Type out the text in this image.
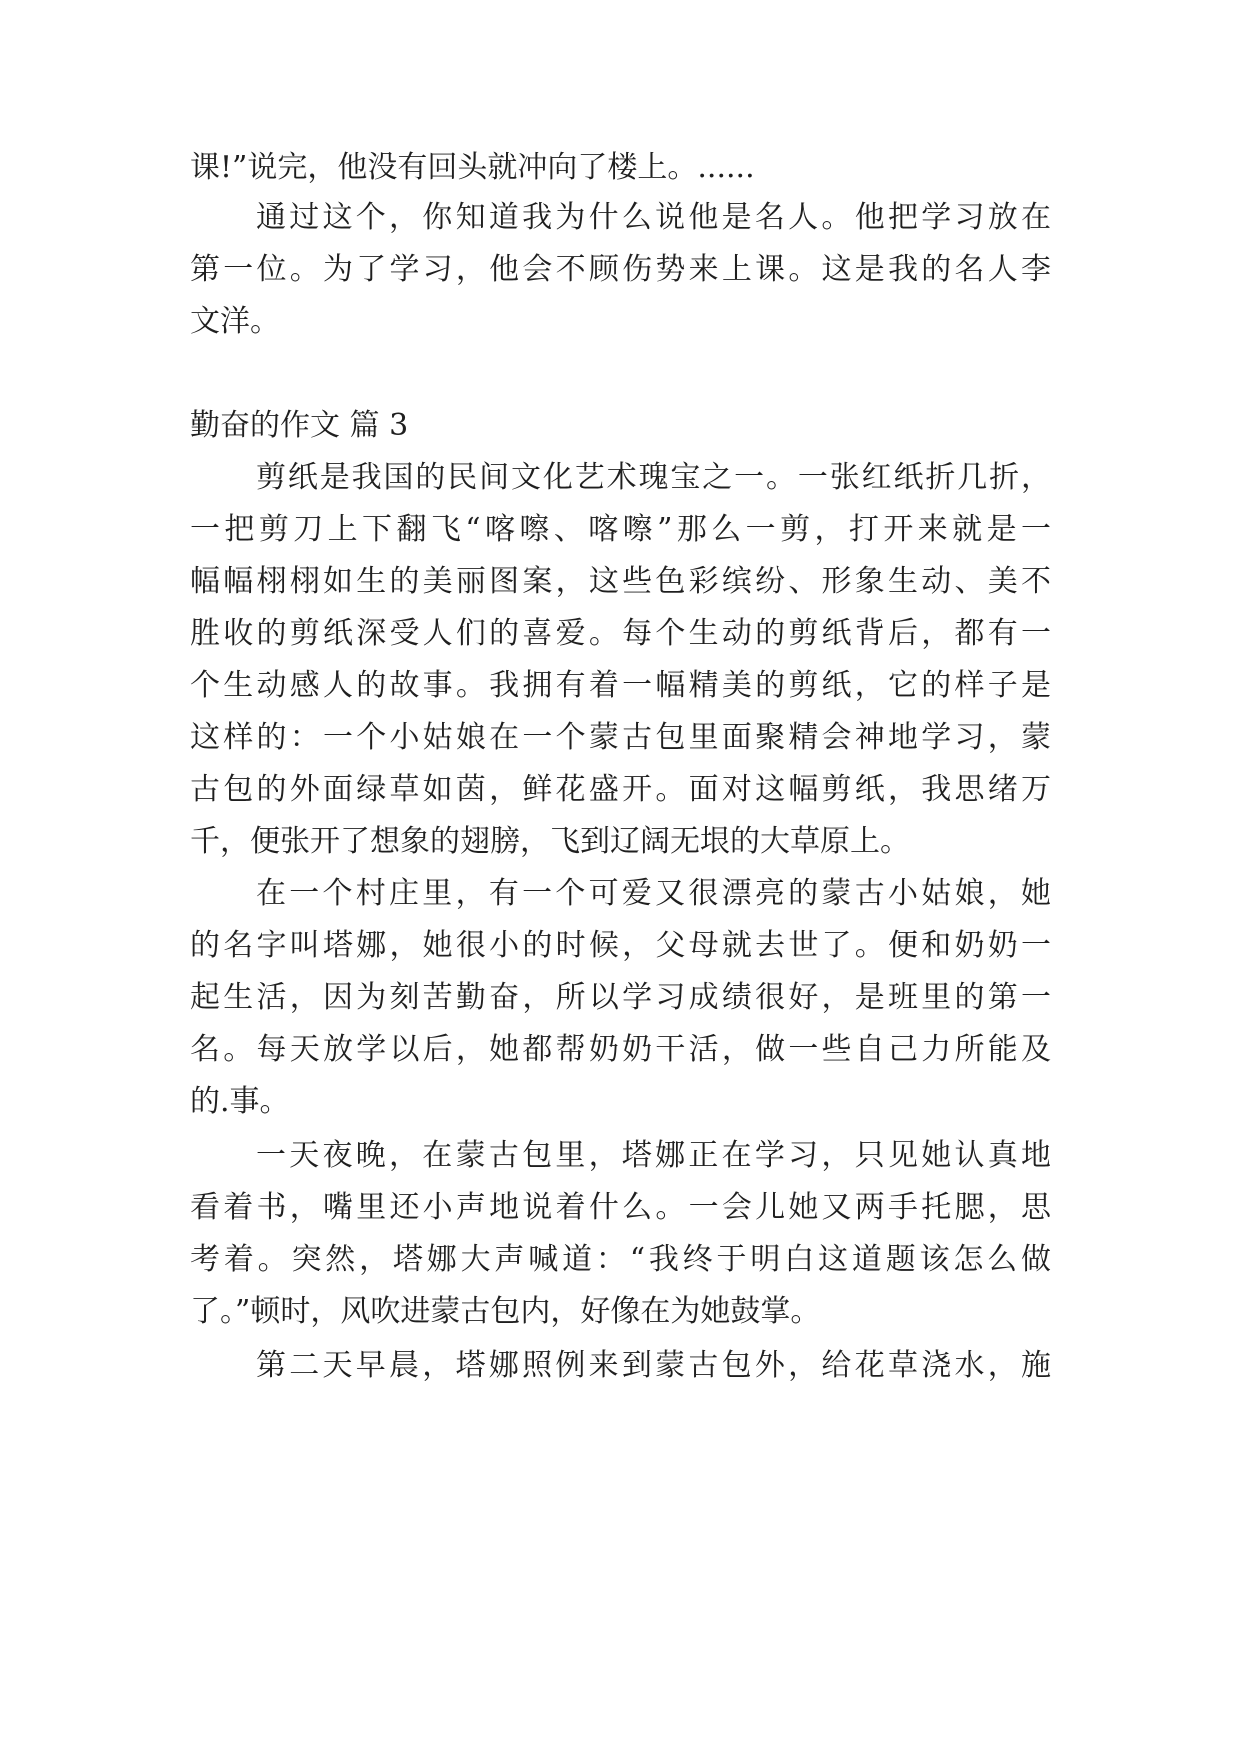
课!”说完，他没有回头就冲向了楼上。......
通过这个，你知道我为什么说他是名人。他把学习放在
第一位。为了学习，他会不顾伤势来上课。这是我的名人李
文洋。
勤奋的作文 篇 3
剪纸是我国的民间文化艺术瑰宝之一。一张红纸折几折，
一把剪刀上下翻飞“喀嚓、喀嚓”那么一剪，打开来就是一
幅幅栩栩如生的美丽图案，这些色彩缤纷、形象生动、美不
胜收的剪纸深受人们的喜爱。每个生动的剪纸背后，都有一
个生动感人的故事。我拥有着一幅精美的剪纸，它的样子是
这样的：一个小姑娘在一个蒙古包里面聚精会神地学习，蒙
古包的外面绿草如茵，鲜花盛开。面对这幅剪纸，我思绪万
千，便张开了想象的翅膀，飞到辽阔无垠的大草原上。
在一个村庄里，有一个可爱又很漂亮的蒙古小姑娘，她
的名字叫塔娜，她很小的时候，父母就去世了。便和奶奶一
起生活，因为刻苦勤奋，所以学习成绩很好，是班里的第一
名。每天放学以后，她都帮奶奶干活，做一些自己力所能及
的.事。
一天夜晚，在蒙古包里，塔娜正在学习，只见她认真地
看着书，嘴里还小声地说着什么。一会儿她又两手托腮，思
考着。突然，塔娜大声喊道：“我终于明白这道题该怎么做
了。”顿时，风吹进蒙古包内，好像在为她鼓掌。
第二天早晨，塔娜照例来到蒙古包外，给花草浇水，施
